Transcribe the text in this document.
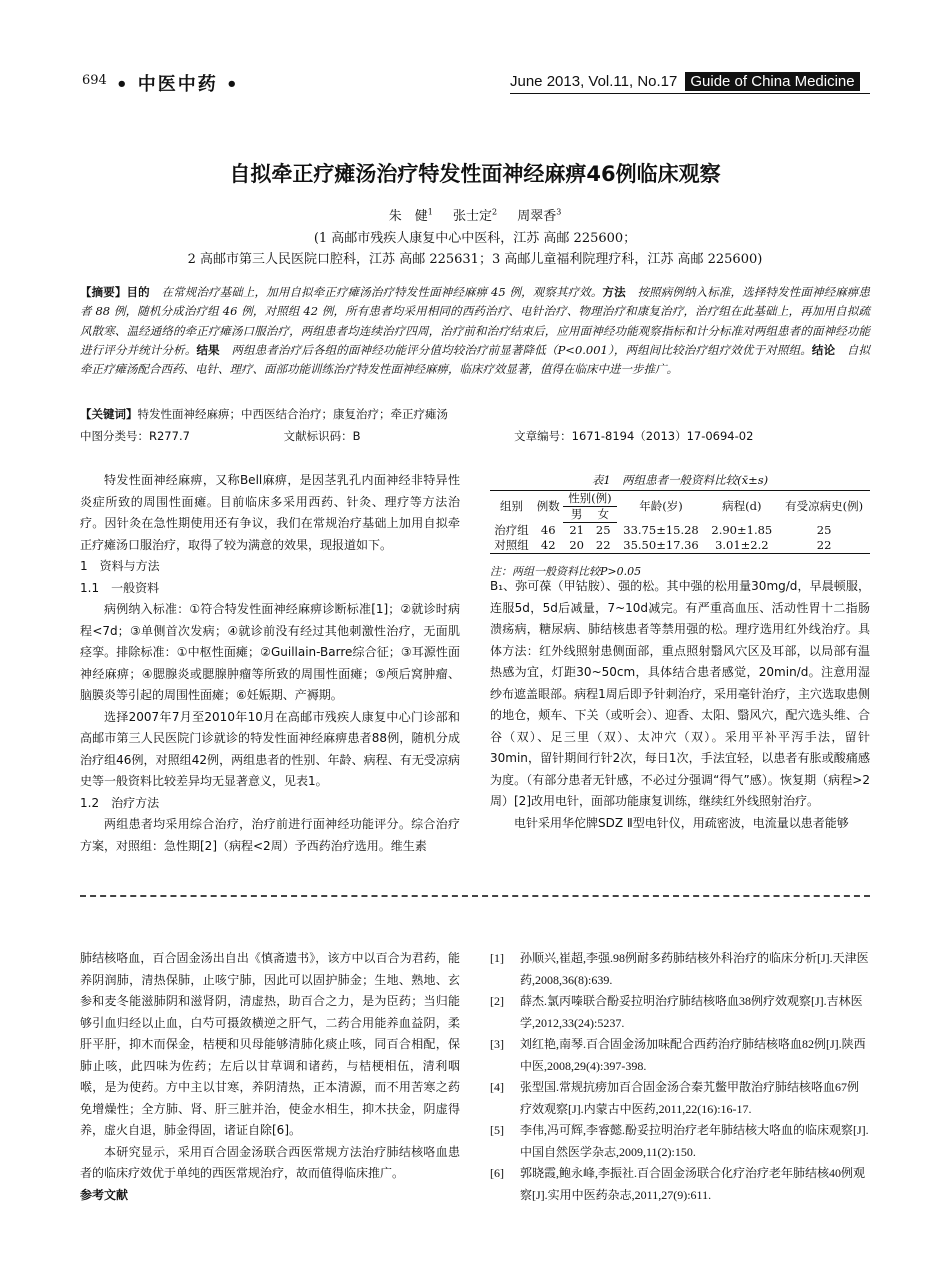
694 • 中医中药 •	June 2013, Vol.11, No.17 Guide of China Medicine
自拟牵正疗瘫汤治疗特发性面神经麻痹46例临床观察
朱　健$^1$ 张士定$^2$ 周翠香$^3$
(1 高邮市残疾人康复中心中医科，江苏 高邮 225600；
2 高邮市第三人民医院口腔科，江苏 高邮 225631；3 高邮儿童福利院理疗科，江苏 高邮 225600)
【摘要】目的　 在常规治疗基础上，加用自拟牵正疗瘫汤治疗特发性面神经麻痹 45 例，观察其疗效。方法　 按照病例纳入标准，选择特发性面神经麻痹患者 88 例，随机分成治疗组 46 例，对照组 42 例，所有患者均采用相同的西药治疗、电针治疗、物理治疗和康复治疗，治疗组在此基础上，再加用自拟疏风散寒、温经通络的牵正疗瘫汤口服治疗，两组患者均连续治疗四周，治疗前和治疗结束后，应用面神经功能观察指标和计分标准对两组患者的面神经功能进行评分并统计分析。结果　 两组患者治疗后各组的面神经功能评分值均较治疗前显著降低（P<0.001），两组间比较治疗组疗效优于对照组。结论　 自拟牵正疗瘫汤配合西药、电针、理疗、面部功能训练治疗特发性面神经麻痹，临床疗效显著，值得在临床中进一步推广。
【关键词】特发性面神经麻痹；中西医结合治疗；康复治疗；牵正疗瘫汤
中图分类号：R277.7	文献标识码：B	文章编号：1671-8194（2013）17-0694-02

特发性面神经麻痹，又称Bell麻痹，是因茎乳孔内面神经非特异性炎症所致的周围性面瘫。目前临床多采用西药、针灸、理疗等方法治疗。因针灸在急性期使用还有争议，我们在常规治疗基础上加用自拟牵正疗瘫汤口服治疗，取得了较为满意的效果，现报道如下。

1　资料与方法

1.1　一般资料

病例纳入标准：①符合特发性面神经麻痹诊断标准[1]；②就诊时病程<7d；③单侧首次发病；④就诊前没有经过其他刺激性治疗，无面肌痉挛。排除标准：①中枢性面瘫；②Guillain-Barre综合征；③耳源性面神经麻痹；④腮腺炎或腮腺肿瘤等所致的周围性面瘫；⑤颅后窝肿瘤、脑膜炎等引起的周围性面瘫；⑥妊娠期、产褥期。

选择2007年7月至2010年10月在高邮市残疾人康复中心门诊部和高邮市第三人民医院门诊就诊的特发性面神经麻痹患者88例，随机分成治疗组46例，对照组42例，两组患者的性别、年龄、病程、有无受凉病史等一般资料比较差异均无显著意义，见表1。

1.2　治疗方法

两组患者均采用综合治疗，治疗前进行面神经功能评分。综合治疗方案，对照组：急性期[2]（病程<2周）予西药治疗选用。维生素

表1　两组患者一般资料比较(x̄±s)
组别	例数	性别(例)		年龄(岁)	病程(d)	有受凉病史(例)
		男	女			
治疗组	46	21	25	33.75±15.28	2.90±1.85	25
对照组	42	20	22	35.50±17.36	3.01±2.2	22
注：两组一般资料比较P>0.05

B₁、弥可葆（甲钴胺）、强的松。其中强的松用量30mg/d，早晨顿服，连服5d，5d后减量，7~10d减完。有严重高血压、活动性胃十二指肠溃疡病，糖尿病、肺结核患者等禁用强的松。理疗选用红外线治疗。具体方法：红外线照射患侧面部，重点照射翳风穴区及耳部，以局部有温热感为宜，灯距30~50cm，具体结合患者感觉，20min/d。注意用湿纱布遮盖眼部。病程1周后即予针刺治疗，采用毫针治疗，主穴选取患侧的地仓，颊车、下关（或听会）、迎香、太阳、翳风穴，配穴选头维、合谷（双）、足三里（双）、太冲穴（双）。采用平补平泻手法，留针30min，留针期间行针2次，每日1次，手法宜轻，以患者有胀或酸痛感为度。（有部分患者无针感，不必过分强调“得气”感）。恢复期（病程>2周）[2]改用电针，面部功能康复训练，继续红外线照射治疗。

电针采用华佗牌SDZ Ⅱ型电针仪，用疏密波，电流量以患者能够

肺结核咯血，百合固金汤出自出《慎斋遗书》，该方中以百合为君药，能养阴润肺，清热保肺，止咳宁肺，因此可以固护肺金；生地、熟地、玄参和麦冬能滋肺阴和滋肾阴，清虚热，助百合之力，是为臣药；当归能够引血归经以止血，白芍可摄敛横逆之肝气，二药合用能养血益阴，柔肝平肝，抑木而保金，桔梗和贝母能够清肺化痰止咳，同百合相配，保肺止咳，此四味为佐药；左后以甘草调和诸药，与桔梗相伍，清利咽喉，是为使药。方中主以甘寒，养阴清热，正本清源，而不用苦寒之药免增燥性；全方肺、肾、肝三脏并治，使金水相生，抑木扶金，阴虚得养，虚火自退，肺金得固，诸证自除[6]。

本研究显示，采用百合固金汤联合西医常规方法治疗肺结核咯血患者的临床疗效优于单纯的西医常规治疗，故而值得临床推广。

参考文献

[1]	孙顺兴,崔超,李强.98例耐多药肺结核外科治疗的临床分析[J].天津医药,2008,36(8):639.
[2]	薛杰.氯丙嗪联合酚妥拉明治疗肺结核咯血38例疗效观察[J].吉林医学,2012,33(24):5237.
[3]	刘红艳,南琴.百合固金汤加味配合西药治疗肺结核咯血82例[J].陕西中医,2008,29(4):397-398.
[4]	张型国.常规抗痨加百合固金汤合秦艽鳖甲散治疗肺结核咯血67例疗效观察[J].内蒙古中医药,2011,22(16):16-17.
[5]	李伟,冯可辉,李睿懿.酚妥拉明治疗老年肺结核大咯血的临床观察[J].中国自然医学杂志,2009,11(2):150.
[6]	郭晓霞,鲍永峰,李振社.百合固金汤联合化疗治疗老年肺结核40例观察[J].实用中医药杂志,2011,27(9):611.
